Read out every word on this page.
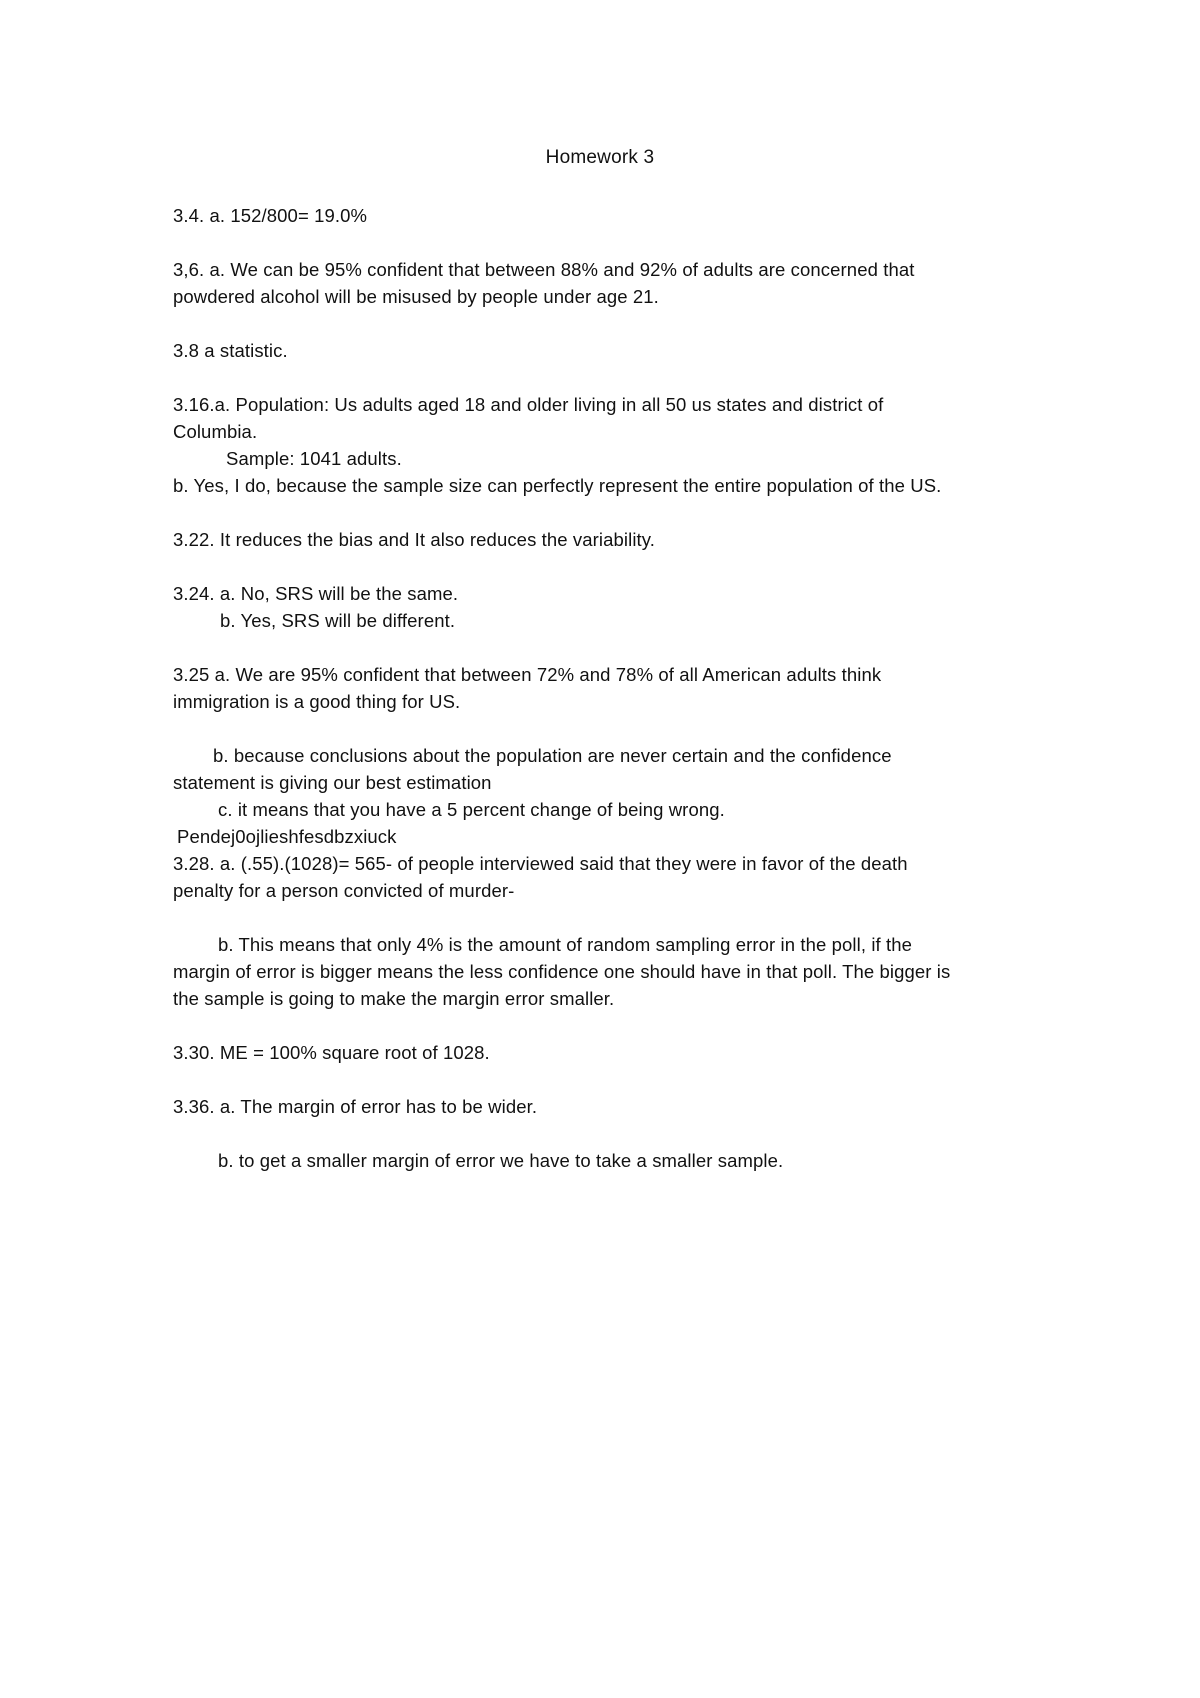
Homework 3
3.4. a. 152/800= 19.0%
3,6. a. We can be 95% confident that between 88% and 92% of adults are concerned that
powdered alcohol will be misused by people under age 21.
3.8 a statistic.
3.16.a. Population: Us adults aged 18 and older living in all 50 us states and district of
Columbia.
Sample: 1041 adults.
b. Yes, I do, because the sample size can perfectly represent the entire population of the US.
3.22. It reduces the bias and It also reduces the variability.
3.24. a. No, SRS will be the same.
b. Yes, SRS will be different.
3.25 a. We are 95% confident that between 72% and 78% of all American adults think
immigration is a good thing for US.
b. because conclusions about the population are never certain and the confidence
statement is giving our best estimation
c. it means that you have a 5 percent change of being wrong.
Pendej0ojlieshfesdbzxiuck
3.28. a. (.55).(1028)= 565- of people interviewed said that they were in favor of the death
penalty for a person convicted of murder-
b. This means that only 4% is the amount of random sampling error in the poll, if the
margin of error is bigger means the less confidence one should have in that poll. The bigger is
the sample is going to make the margin error smaller.
3.30. ME = 100% square root of 1028.
3.36. a. The margin of error has to be wider.
b. to get a smaller margin of error we have to take a smaller sample.
